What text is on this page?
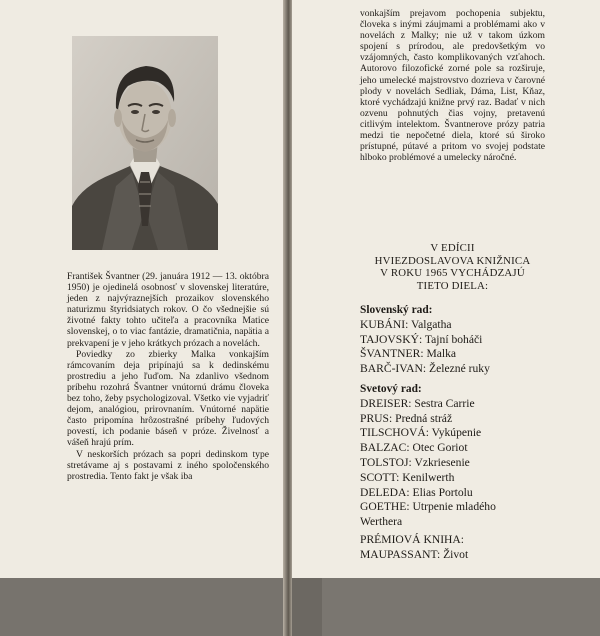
František Švantner (29. januára 1912 — 13. októbra 1950) je ojedinelá osobnosť v slovenskej literatúre, jeden z najvýraznejších prozaikov slovenského naturizmu štyridsiatych rokov. O čo všednejšie sú životné fakty tohto učiteľa a pracovníka Matice slovenskej, o to viac fantázie, dramatičnia, napätia a prekvapení je v jeho krátkych prózach a novelách.

Poviedky zo zbierky Malka vonkajším rámcovaním deja pripínajú sa k dedinskému prostrediu a jeho ľuďom. Na zdanlivo všednom príbehu rozohrá Švantner vnútornú drámu človeka bez toho, žeby psychologizoval. Všetko vie vyjadriť dejom, analógiou, prirovnaním. Vnútorné napätie často pripomína hrôzostrašné príbehy ľudových povestí, ich podanie báseň v próze. Živelnosť a vášeň hrajú prím.

V neskorších prózach sa popri dedinskom type stretávame aj s postavami z iného spoločenského prostredia. Tento fakt je však iba

vonkajším prejavom pochopenia subjektu, človeka s inými záujmami a problémami ako v novelách z Malky; nie už v takom úzkom spojení s prírodou, ale predovšetkým vo vzájomných, často komplikovaných vzťahoch. Autorovo filozofické zorné pole sa rozširuje, jeho umelecké majstrovstvo dozrieva v čarovné plody v novelách Sedliak, Dáma, List, Kňaz, ktoré vychádzajú knižne prvý raz. Badať v nich ozvenu pohnutých čias vojny, pretavenú citlivým intelektom. Švantnerove prózy patria medzi tie nepočetné diela, ktoré sú široko prístupné, pútavé a pritom vo svojej podstate hlboko problémové a umelecky náročné.

V EDÍCII
HVIEZDOSLAVOVA KNIŽNICA
V ROKU 1965 VYCHÁDZAJÚ
TIETO DIELA:
Slovenský rad:
KUBÁNI: Valgatha
TAJOVSKÝ: Tajní boháči
ŠVANTNER: Malka
BARČ-IVAN: Železné ruky
Svetový rad:
DREISER: Sestra Carrie
PRUS: Predná stráž
TILSCHOVÁ: Vykúpenie
BALZAC: Otec Goriot
TOLSTOJ: Vzkriesenie
SCOTT: Kenilwerth
DELEDA: Elias Portolu
GOETHE: Utrpenie mladého
Werthera
PRÉMIOVÁ KNIHA:
MAUPASSANT: Život
